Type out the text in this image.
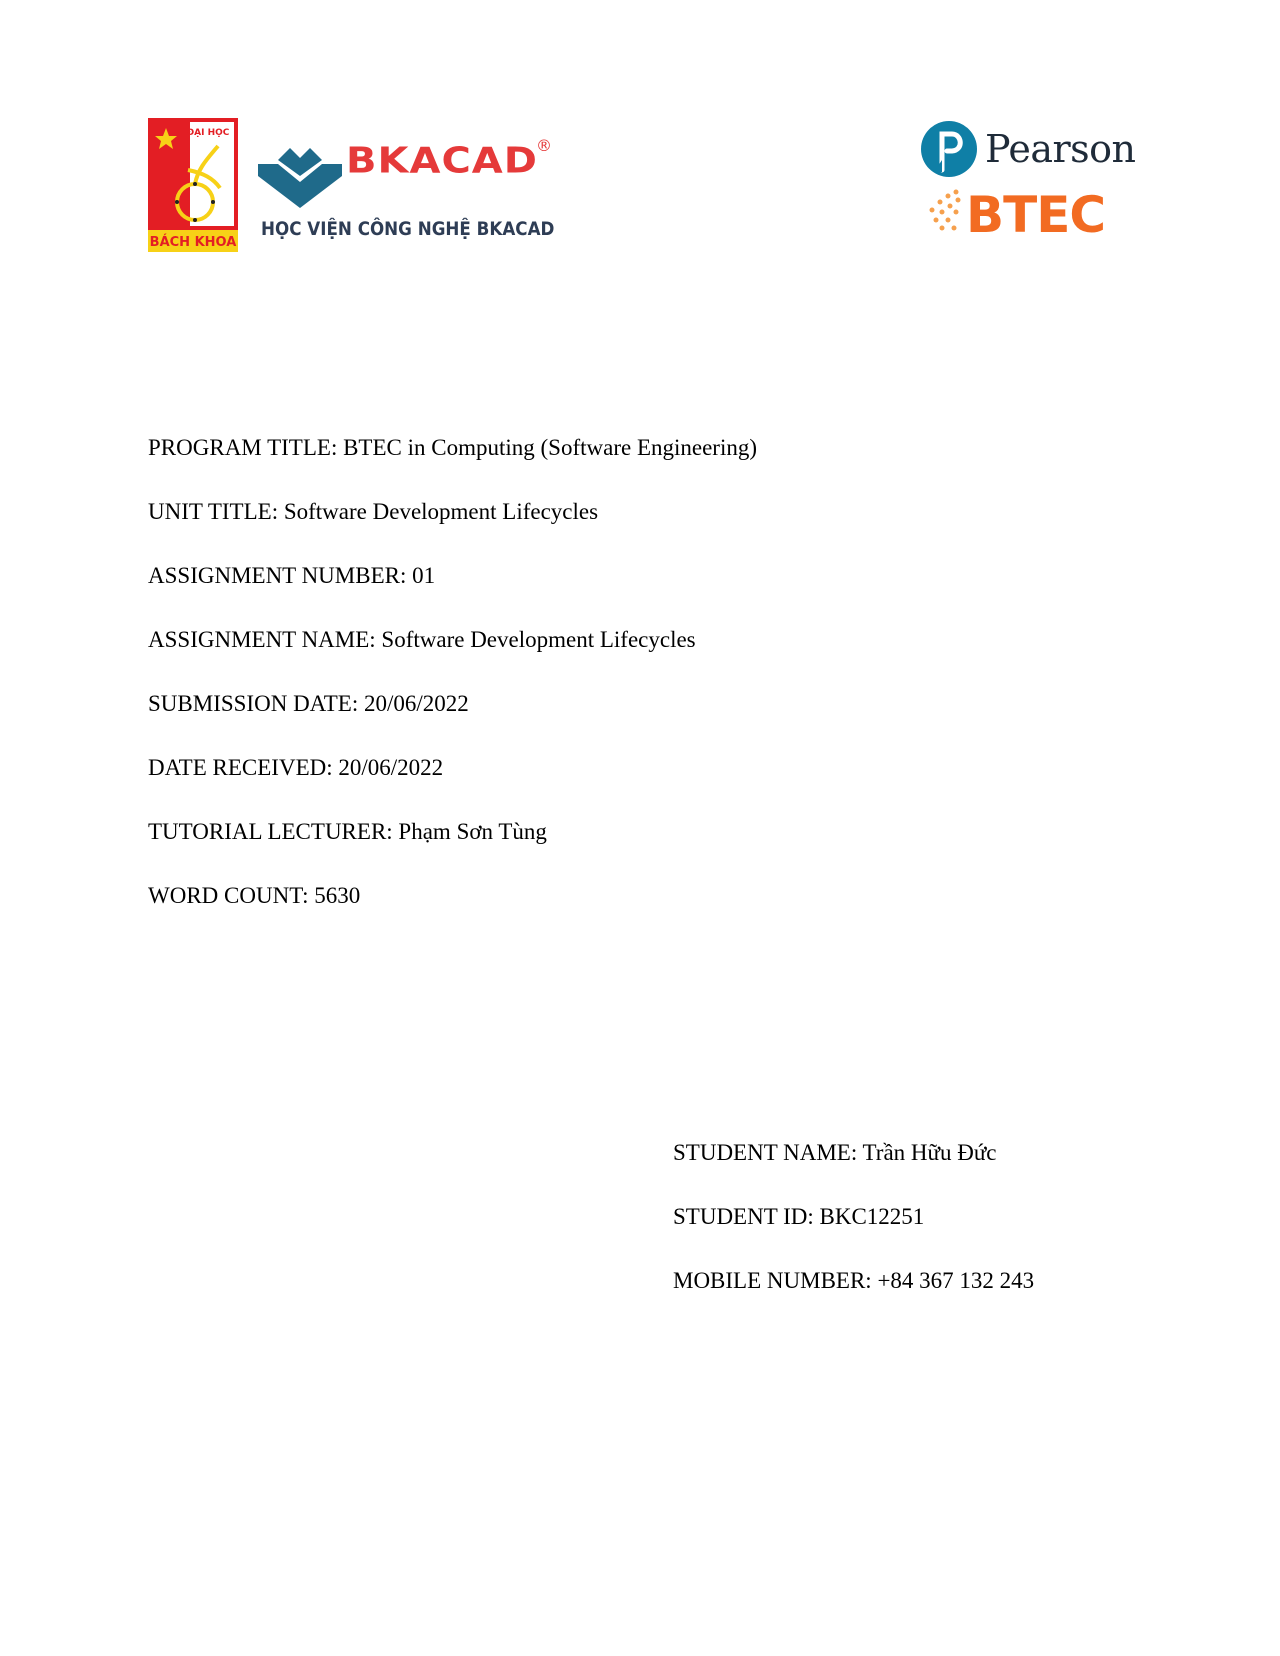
ĐẠI HỌC
BÁCH KHOA
BKACAD
®
HỌC VIỆN CÔNG NGHỆ BKACAD
Pearson
BTEC
PROGRAM TITLE: BTEC in Computing (Software Engineering)
UNIT TITLE: Software Development Lifecycles
ASSIGNMENT NUMBER: 01
ASSIGNMENT NAME: Software Development Lifecycles
SUBMISSION DATE: 20/06/2022
DATE RECEIVED: 20/06/2022
TUTORIAL LECTURER: Phạm Sơn Tùng
WORD COUNT: 5630
STUDENT NAME: Trần Hữu Đức
STUDENT ID: BKC12251
MOBILE NUMBER: +84 367 132 243
